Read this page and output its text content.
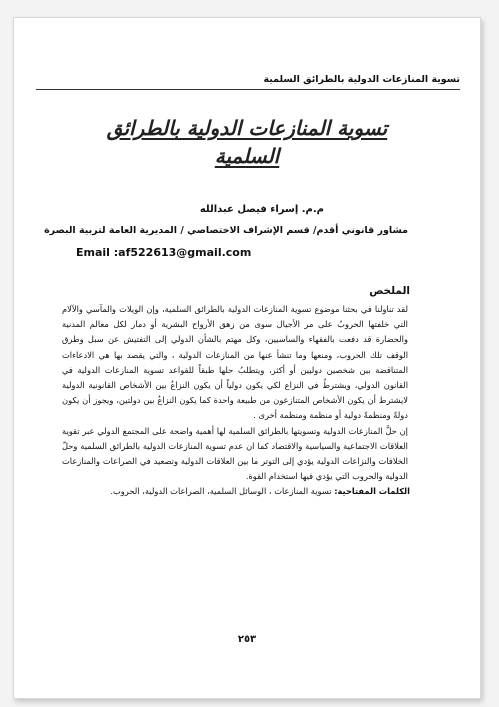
تسوية المنازعات الدولية بالطرائق السلمية
تسوية المنازعات الدولية بالطرائق السلمية
م.م. إسراء فيصل عبدالله
مشاور قانوني أقدم/ قسم الإشراف الاختصاصي / المديرية العامة لتربية البصرة
Email :af522613@gmail.com
الملخص

لقد تناولنا في بحثنا موضوع تسوية المنازعات الدولية بالطرائق السلمية، وإن الويلات والمآسي والآلام التي خلفتها الحروبُ على مر الأجيال سوى من زهق الأرواح البشرية أو دمار لكل معالم المدنية والحضارة قد دفعت بالفقهاء والساسيين، وكل مهتم بالشأن الدولي إلى التفتيش عن سبل وطرق الوقف تلك الحروب، ومنعها وما تنشأ عنها من المنازعات الدولية ، والتي يقصد بها هي الادعاءات المتناقضة بين شخصين دوليين أو أكثر، ويتطلبُ حلها طبقاً للقواعد تسوية المنازعات الدولية في القانون الدولي، ويشترطُ في النزاع لكي يكون دولياً أن يكون النزاعُ بين الأشخاص القانونية الدولية لايشترط أن يكون الأشخاص المتنازعون من طبيعة واحدة كما يكون النزاعُ بين دولتين، ويجوز أن يكون دولةً ومنظمةً دولية أو منظمة ومنظمة أخرى .

إن حلَّ المنازعات الدولية وتسويتها بالطرائق السلمية لها أهمية واضحة على المجتمع الدولي عبر تقوية العلاقات الاجتماعية والسياسية والاقتصاد كما ان عدم تسوية المنازعات الدولية بالطرائق السلمية وحلّ الخلافات والنزاعات الدولية يؤدي إلى التوتر ما بين العلاقات الدولية وتصعيد في الصراعات والمنازعات الدولية والحروب التي يؤدي فيها استخدام القوة.

الكلمات المفتاحية: تسوية المنازعات ، الوسائل السلمية، الصراعات الدولية، الحروب.
٢٥٣
